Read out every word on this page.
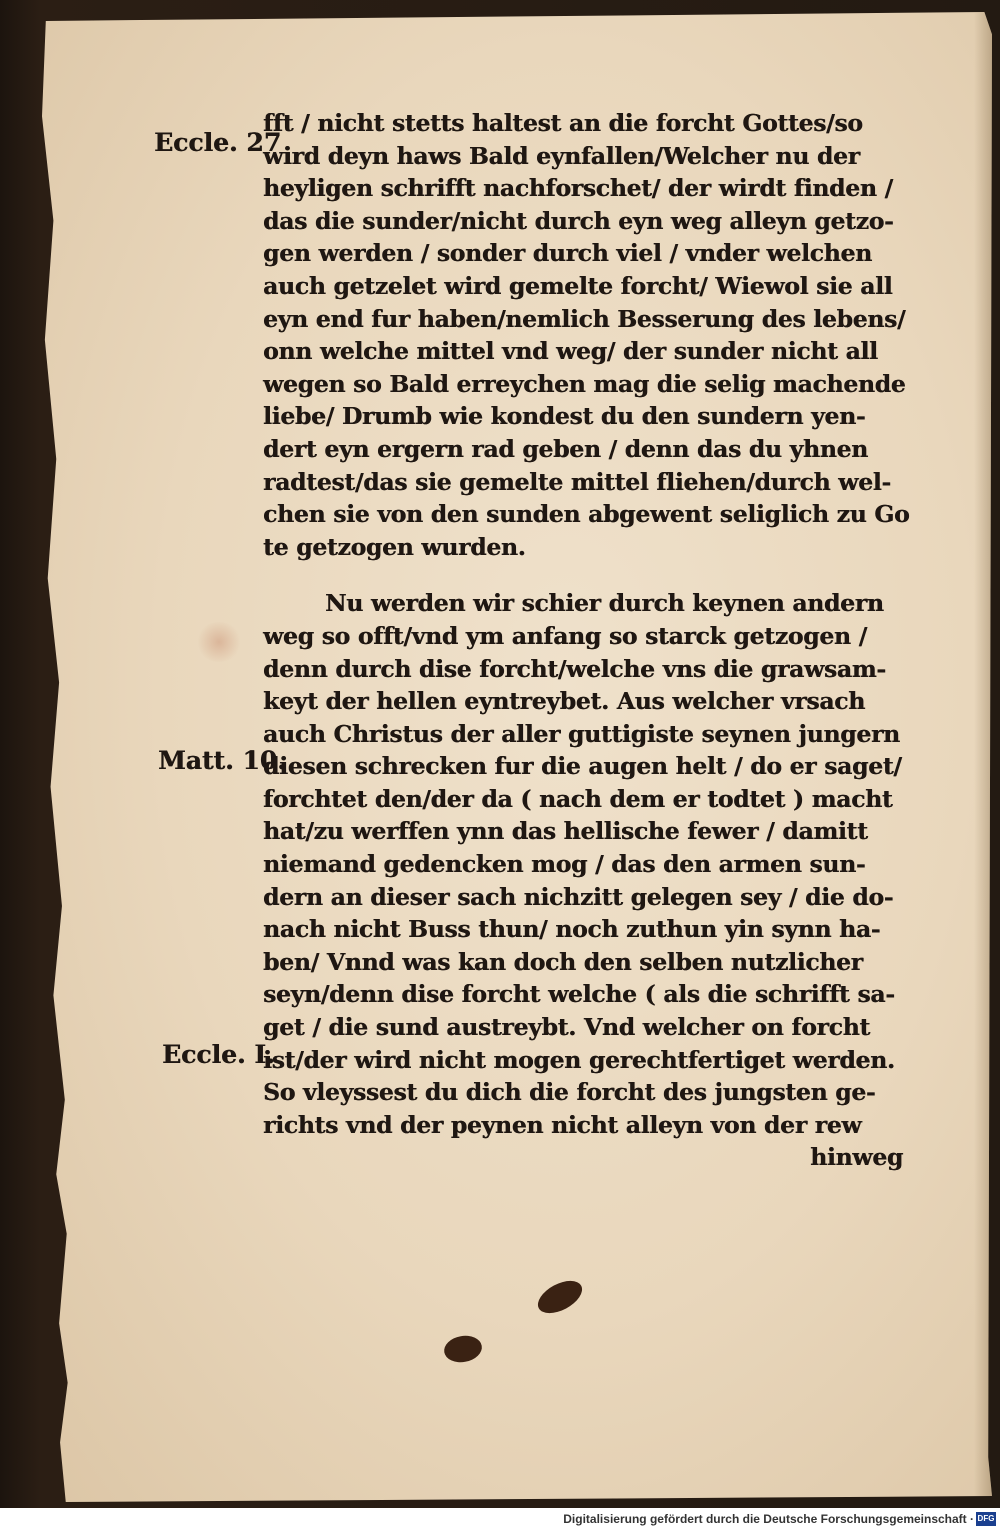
Eccle. 27
Matt. 10.
Eccle. I.
fft / nicht stetts haltest an die forcht Gottes/so
wird deyn haws Bald eynfallen/Welcher nu der
heyligen schrifft nachforschet/ der wirdt finden /
das die sunder/nicht durch eyn weg alleyn getzo-
gen werden / sonder durch viel / vnder welchen
auch getzelet wird gemelte forcht/ Wiewol sie all
eyn end fur haben/nemlich Besserung des lebens/
onn welche mittel vnd weg/ der sunder nicht all
wegen so Bald erreychen mag die selig machende
liebe/ Drumb wie kondest du den sundern yen-
dert eyn ergern rad geben / denn das du yhnen
radtest/das sie gemelte mittel fliehen/durch wel-
chen sie von den sunden abgewent seliglich zu Go
te getzogen wurden.
Nu werden wir schier durch keynen andern
weg so offt/vnd ym anfang so starck getzogen /
denn durch dise forcht/welche vns die grawsam-
keyt der hellen eyntreybet. Aus welcher vrsach
auch Christus der aller guttigiste seynen jungern
diesen schrecken fur die augen helt / do er saget/
forchtet den/der da ( nach dem er todtet ) macht
hat/zu werffen ynn das hellische fewer / damitt
niemand gedencken mog / das den armen sun-
dern an dieser sach nichzitt gelegen sey / die do-
nach nicht Buss thun/ noch zuthun yin synn ha-
ben/ Vnnd was kan doch den selben nutzlicher
seyn/denn dise forcht welche ( als die schrifft sa-
get / die sund austreybt. Vnd welcher on forcht
ist/der wird nicht mogen gerechtfertiget werden.
So vleyssest du dich die forcht des jungsten ge-
richts vnd der peynen nicht alleyn von der rew
hinweg
Digitalisierung gefördert durch die Deutsche Forschungsgemeinschaft · DFG
